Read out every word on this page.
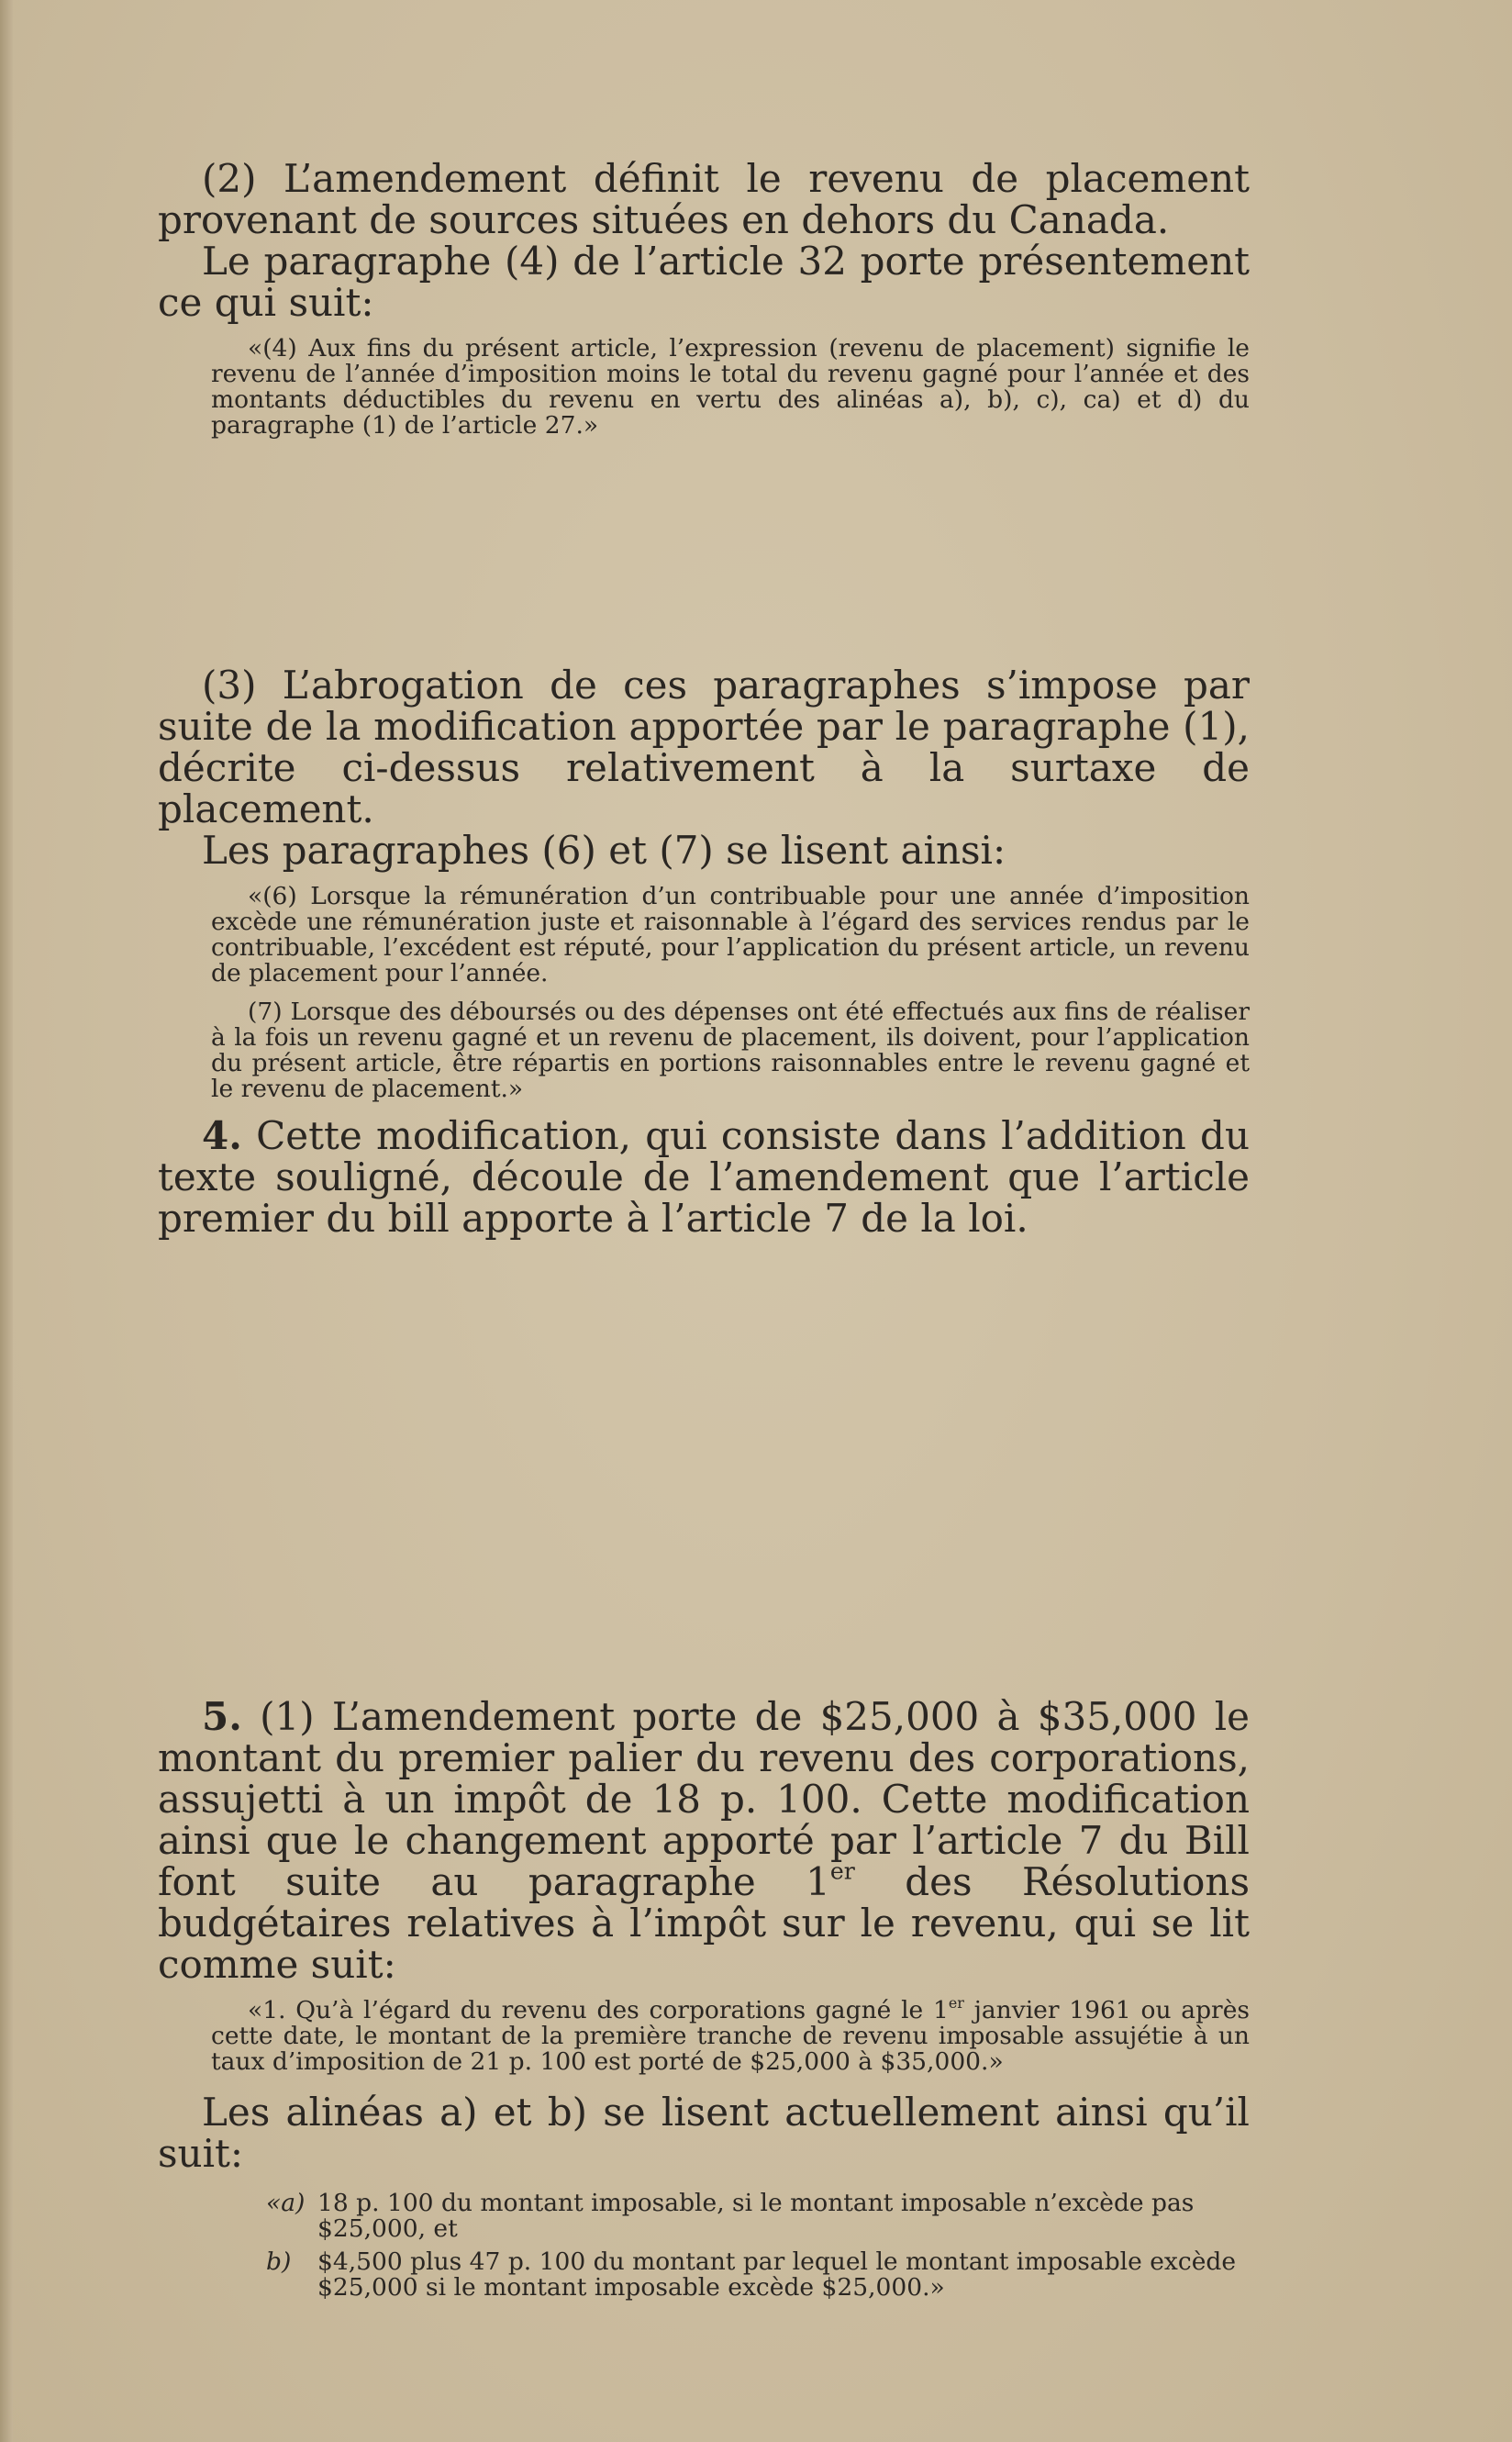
(2) L’amendement définit le revenu de placement provenant de sources situées en dehors du Canada.

Le paragraphe (4) de l’article 32 porte présentement ce qui suit:

«(4) Aux fins du présent article, l’expression (revenu de placement) signifie le revenu de l’année d’imposition moins le total du revenu gagné pour l’année et des montants déductibles du revenu en vertu des alinéas a), b), c), ca) et d) du paragraphe (1) de l’article 27.»

(3) L’abrogation de ces paragraphes s’impose par suite de la modification apportée par le paragraphe (1), décrite ci-dessus relativement à la surtaxe de placement.

Les paragraphes (6) et (7) se lisent ainsi:

«(6) Lorsque la rémunération d’un contribuable pour une année d’imposition excède une rémunération juste et raisonnable à l’égard des services rendus par le contribuable, l’excédent est réputé, pour l’application du présent article, un revenu de placement pour l’année.

(7) Lorsque des déboursés ou des dépenses ont été effectués aux fins de réaliser à la fois un revenu gagné et un revenu de placement, ils doivent, pour l’application du présent article, être répartis en portions raisonnables entre le revenu gagné et le revenu de placement.»

4. Cette modification, qui consiste dans l’addition du texte souligné, découle de l’amendement que l’article premier du bill apporte à l’article 7 de la loi.

5. (1) L’amendement porte de $25,000 à $35,000 le montant du premier palier du revenu des corporations, assujetti à un impôt de 18 p. 100. Cette modification ainsi que le changement apporté par l’article 7 du Bill font suite au paragraphe 1er des Résolutions budgétaires relatives à l’impôt sur le revenu, qui se lit comme suit:

«1. Qu’à l’égard du revenu des corporations gagné le 1er janvier 1961 ou après cette date, le montant de la première tranche de revenu imposable assujétie à un taux d’imposition de 21 p. 100 est porté de $25,000 à $35,000.»

Les alinéas a) et b) se lisent actuellement ainsi qu’il suit:

«a) 18 p. 100 du montant imposable, si le montant imposable n’excède pas $25,000, et
b)	$4,500 plus 47 p. 100 du montant par lequel le montant imposable excède $25,000 si le montant imposable excède $25,000.»
